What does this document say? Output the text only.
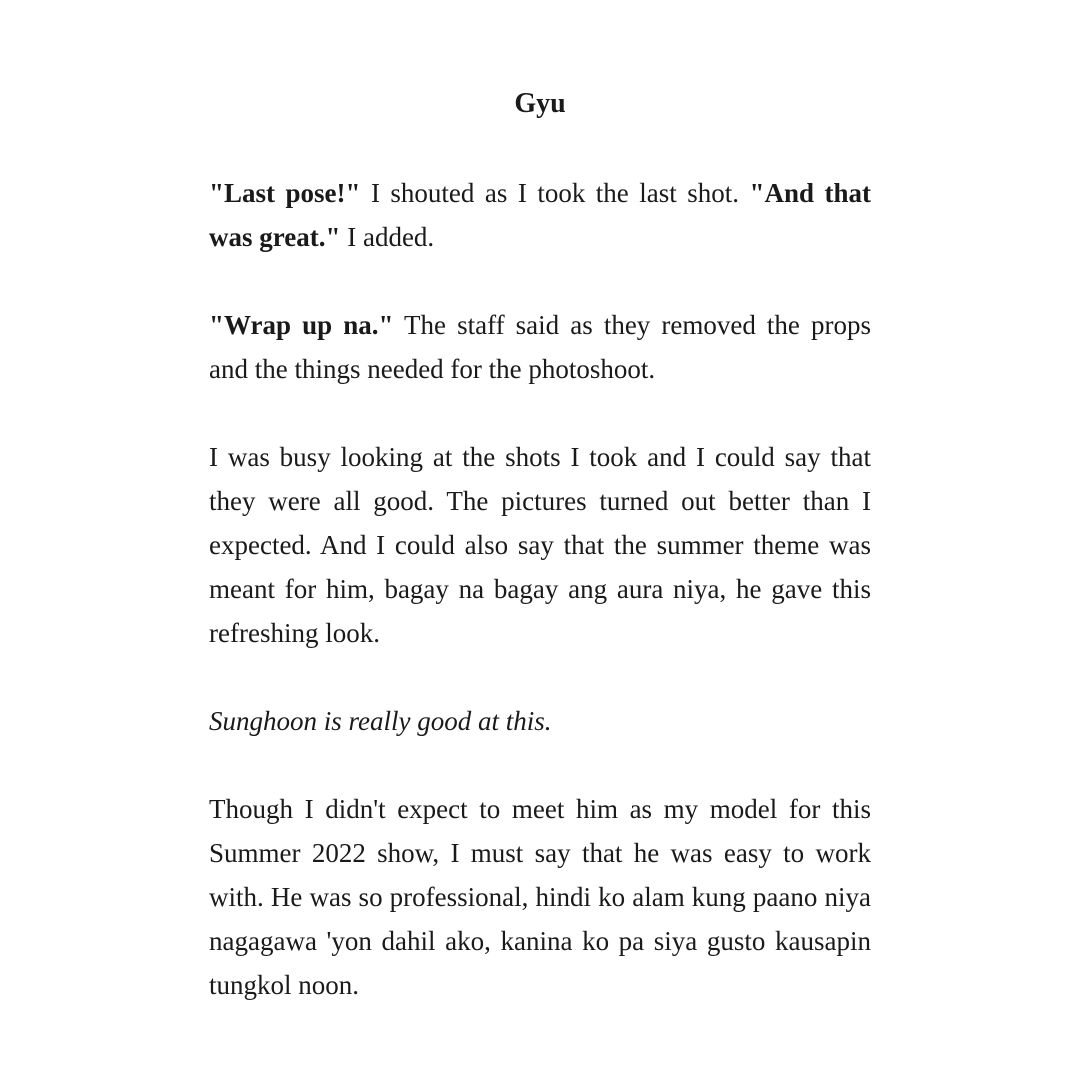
Gyu

"Last pose!" I shouted as I took the last shot. "And that was great." I added.

"Wrap up na." The staff said as they removed the props and the things needed for the photoshoot.

I was busy looking at the shots I took and I could say that they were all good. The pictures turned out better than I expected. And I could also say that the summer theme was meant for him, bagay na bagay ang aura niya, he gave this refreshing look.

Sunghoon is really good at this.

Though I didn't expect to meet him as my model for this Summer 2022 show, I must say that he was easy to work with. He was so professional, hindi ko alam kung paano niya nagagawa 'yon dahil ako, kanina ko pa siya gusto kausapin tungkol noon.
